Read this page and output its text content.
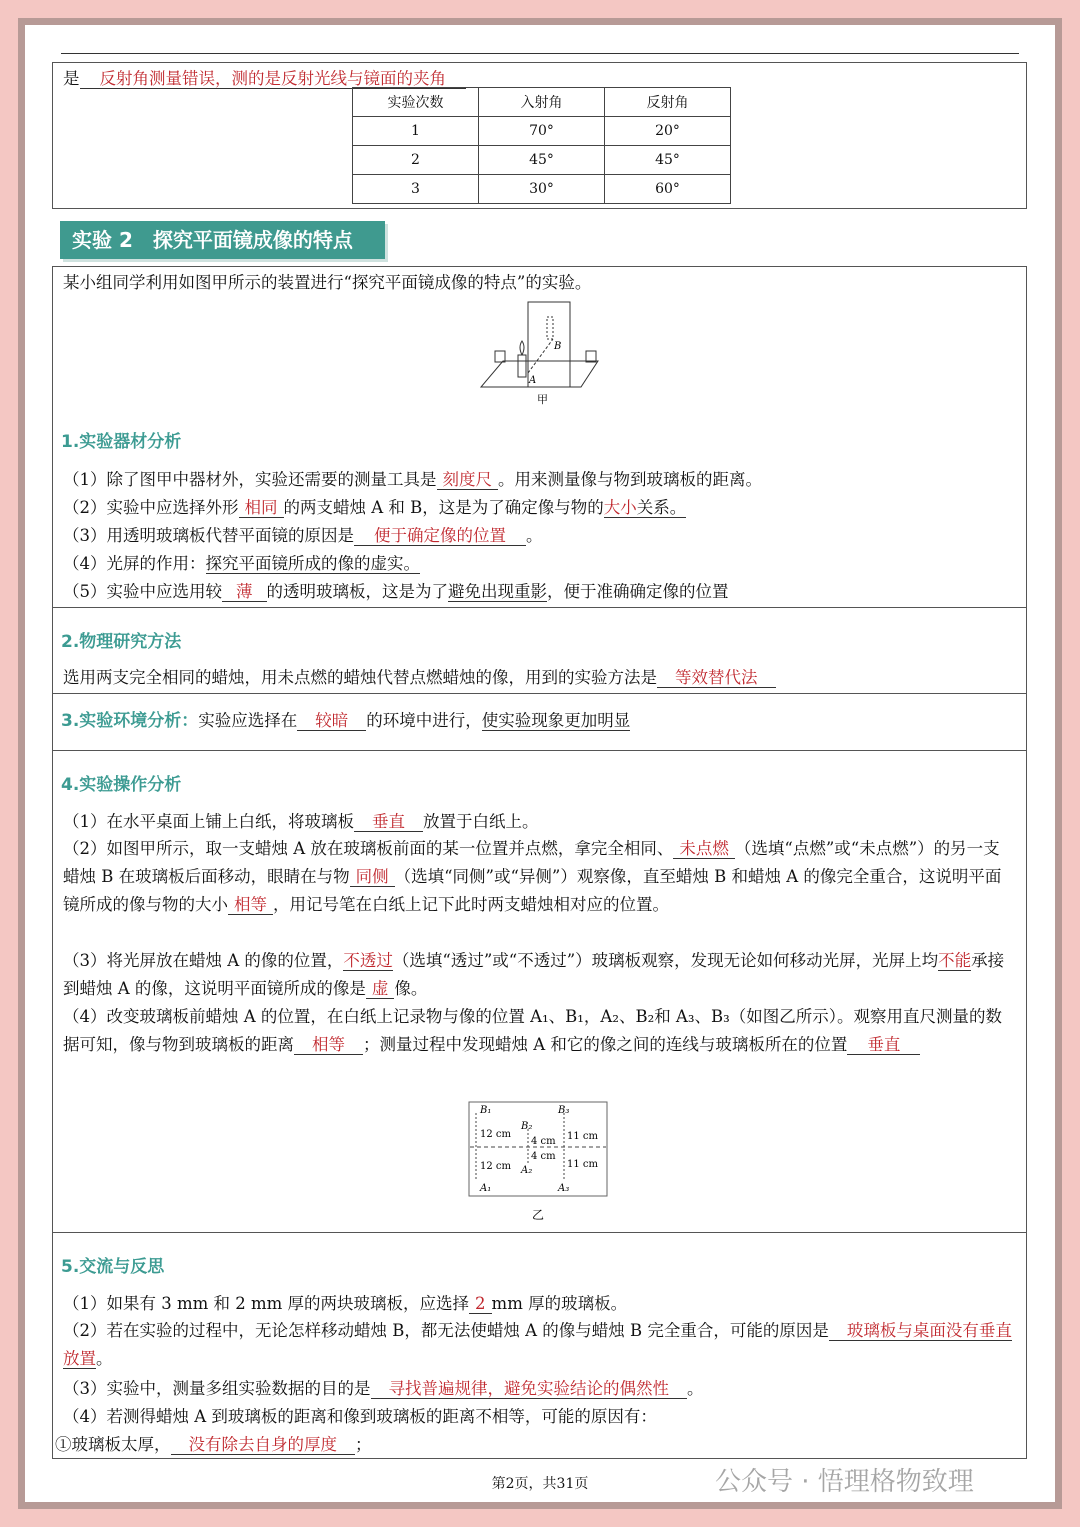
是 反射角测量错误，测的是反射光线与镜面的夹角
实验次数	入射角	反射角
1	70°	20°
2	45°	45°
3	30°	60°
实验 2　探究平面镜成像的特点
某小组同学利用如图甲所示的装置进行“探究平面镜成像的特点”的实验。
B
A
甲
1.实验器材分析
（1）除了图甲中器材外，实验还需要的测量工具是 刻度尺 。用来测量像与物到玻璃板的距离。
（2）实验中应选择外形 相同 的两支蜡烛 A 和 B，这是为了确定像与物的大小关系。
（3）用透明玻璃板代替平面镜的原因是 便于确定像的位置 。
（4）光屏的作用：探究平面镜所成的像的虚实。
（5）实验中应选用较 薄 的透明玻璃板，这是为了避免出现重影，便于准确确定像的位置
2.物理研究方法
选用两支完全相同的蜡烛，用未点燃的蜡烛代替点燃蜡烛的像，用到的实验方法是 等效替代法
3.实验环境分析：实验应选择在 较暗 的环境中进行，使实验现象更加明显
4.实验操作分析
（1）在水平桌面上铺上白纸，将玻璃板 垂直 放置于白纸上。
（2）如图甲所示，取一支蜡烛 A 放在玻璃板前面的某一位置并点燃，拿完全相同、 未点燃 （选填“点燃”或“未点燃”）的另一支蜡烛 B 在玻璃板后面移动，眼睛在与物 同侧 （选填“同侧”或“异侧”）观察像，直至蜡烛 B 和蜡烛 A 的像完全重合，这说明平面镜所成的像与物的大小 相等 ，用记号笔在白纸上记下此时两支蜡烛相对应的位置。
（3）将光屏放在蜡烛 A 的像的位置，不透过（选填“透过”或“不透过”）玻璃板观察，发现无论如何移动光屏，光屏上均不能承接到蜡烛 A 的像，这说明平面镜所成的像是 虚 像。
（4）改变玻璃板前蜡烛 A 的位置，在白纸上记录物与像的位置 A₁、B₁，A₂、B₂和 A₃、B₃（如图乙所示）。观察用直尺测量的数据可知，像与物到玻璃板的距离 相等 ；测量过程中发现蜡烛 A 和它的像之间的连线与玻璃板所在的位置 垂直
B₁
12 cm
12 cm
A₁
B₂
4 cm
4 cm
A₂
B₃
11 cm
11 cm
A₃
乙
5.交流与反思
（1）如果有 3 mm 和 2 mm 厚的两块玻璃板，应选择 2 mm 厚的玻璃板。
（2）若在实验的过程中，无论怎样移动蜡烛 B，都无法使蜡烛 A 的像与蜡烛 B 完全重合，可能的原因是 玻璃板与桌面没有垂直放置。
（3）实验中，测量多组实验数据的目的是 寻找普遍规律，避免实验结论的偶然性 。
（4）若测得蜡烛 A 到玻璃板的距离和像到玻璃板的距离不相等，可能的原因有：
①玻璃板太厚， 没有除去自身的厚度 ；
第2页，共31页	公众号 · 悟理格物致理
